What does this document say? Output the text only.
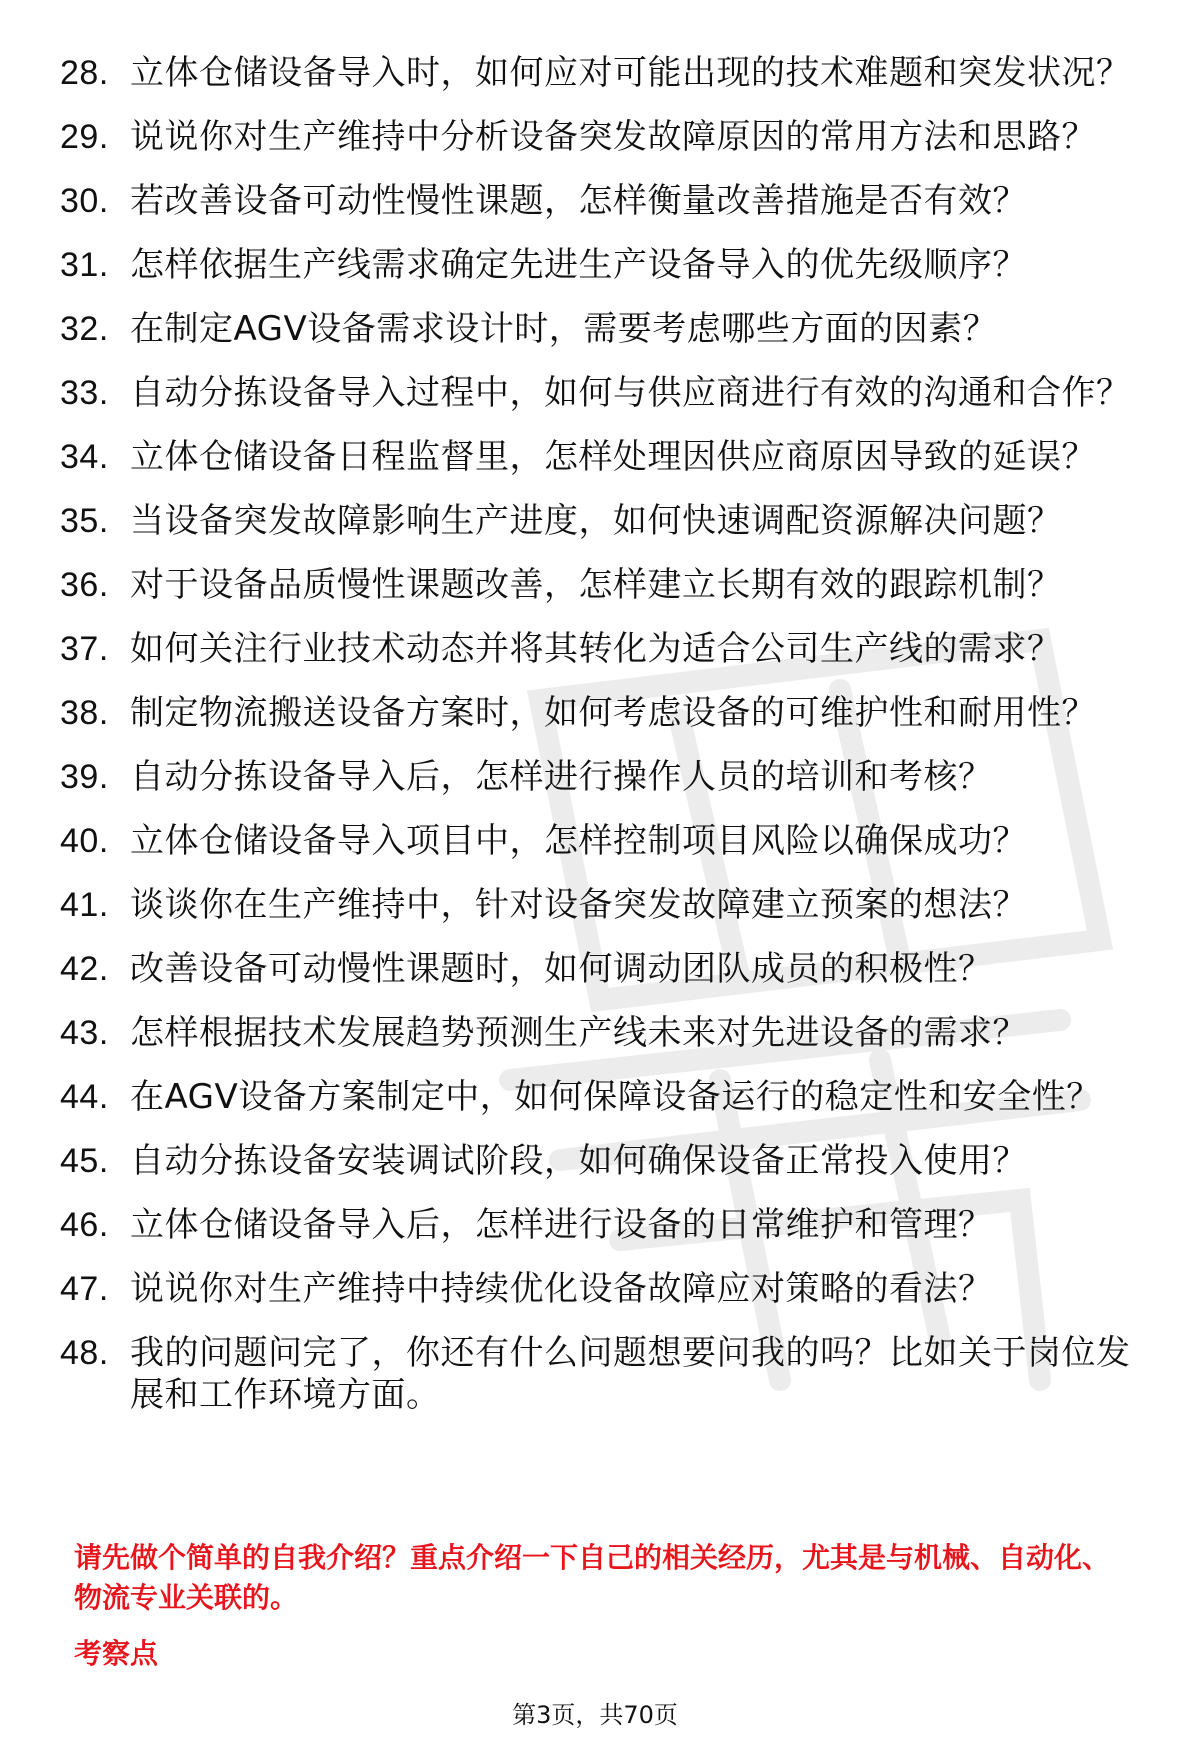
28. 立体仓储设备导入时，如何应对可能出现的技术难题和突发状况？
29. 说说你对生产维持中分析设备突发故障原因的常用方法和思路？
30. 若改善设备可动性慢性课题，怎样衡量改善措施是否有效？
31. 怎样依据生产线需求确定先进生产设备导入的优先级顺序？
32. 在制定AGV设备需求设计时，需要考虑哪些方面的因素？
33. 自动分拣设备导入过程中，如何与供应商进行有效的沟通和合作？
34. 立体仓储设备日程监督里，怎样处理因供应商原因导致的延误？
35. 当设备突发故障影响生产进度，如何快速调配资源解决问题？
36. 对于设备品质慢性课题改善，怎样建立长期有效的跟踪机制？
37. 如何关注行业技术动态并将其转化为适合公司生产线的需求？
38. 制定物流搬送设备方案时，如何考虑设备的可维护性和耐用性？
39. 自动分拣设备导入后，怎样进行操作人员的培训和考核？
40. 立体仓储设备导入项目中，怎样控制项目风险以确保成功？
41. 谈谈你在生产维持中，针对设备突发故障建立预案的想法？
42. 改善设备可动慢性课题时，如何调动团队成员的积极性？
43. 怎样根据技术发展趋势预测生产线未来对先进设备的需求？
44. 在AGV设备方案制定中，如何保障设备运行的稳定性和安全性？
45. 自动分拣设备安装调试阶段，如何确保设备正常投入使用？
46. 立体仓储设备导入后，怎样进行设备的日常维护和管理？
47. 说说你对生产维持中持续优化设备故障应对策略的看法？
48. 我的问题问完了，你还有什么问题想要问我的吗？比如关于岗位发展和工作环境方面。
请先做个简单的自我介绍？重点介绍一下自己的相关经历，尤其是与机械、自动化、物流专业关联的。
考察点
第3页，共70页
